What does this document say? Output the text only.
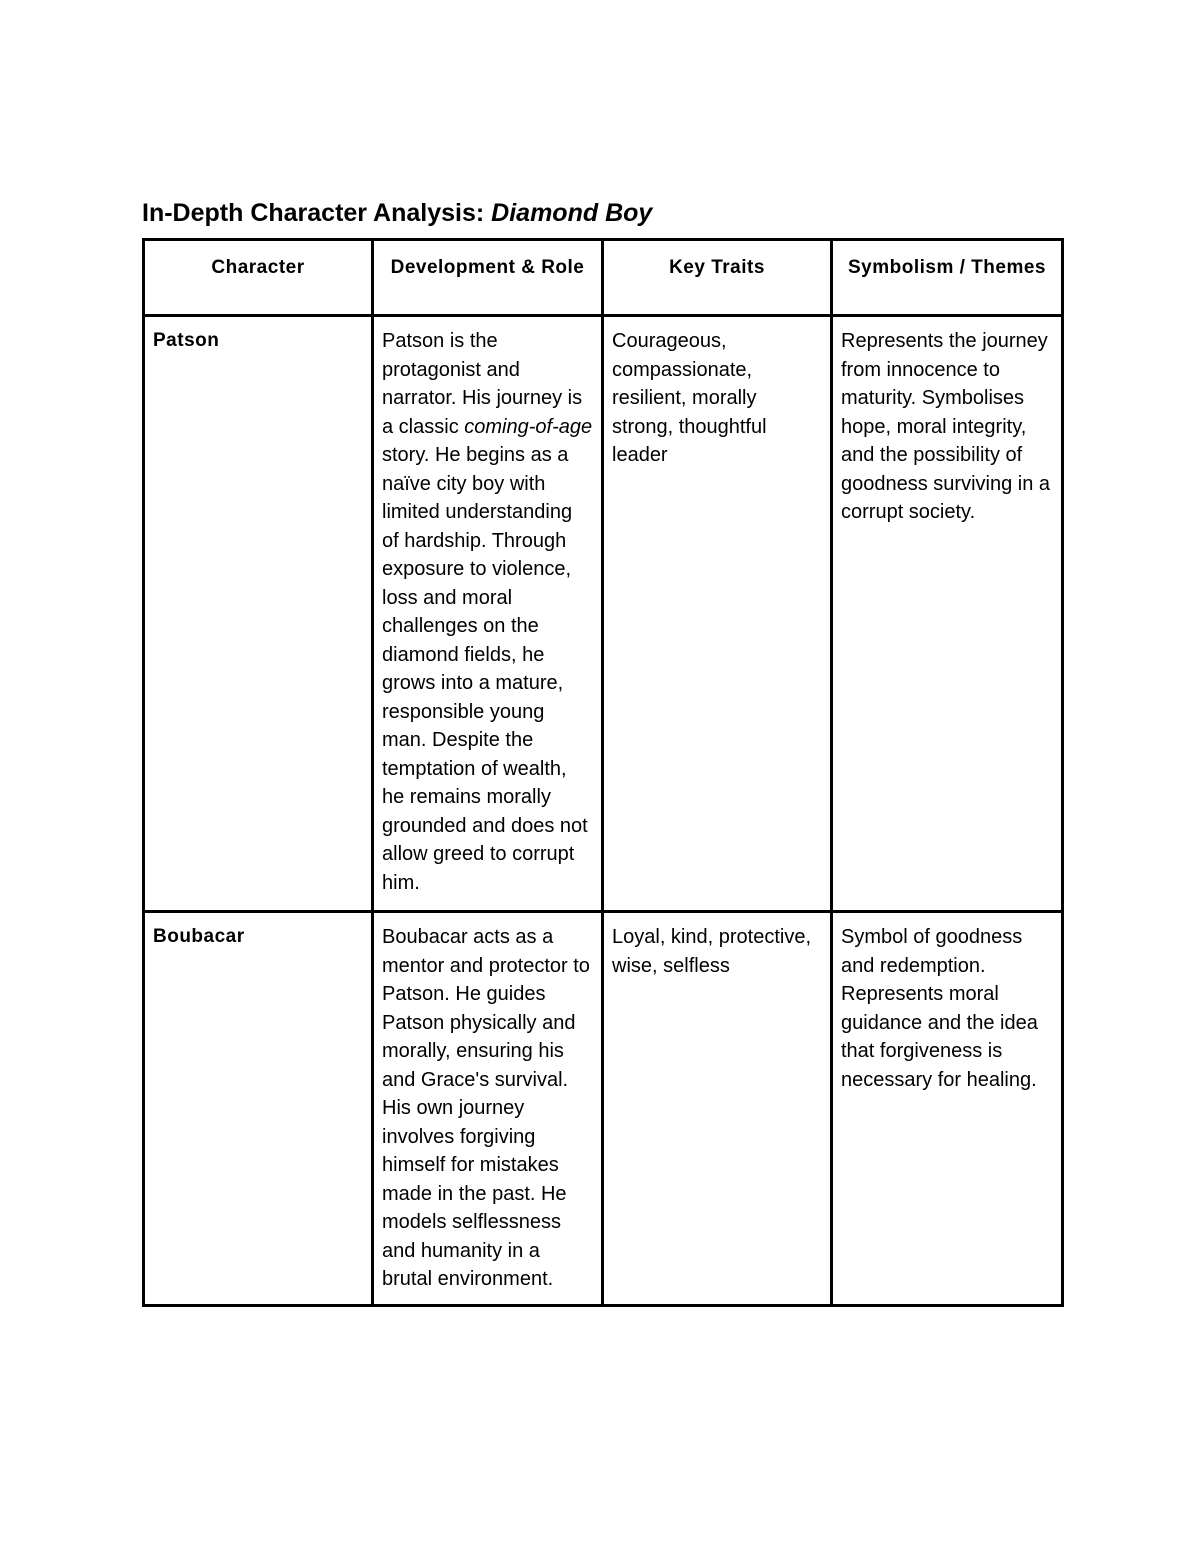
In-Depth Character Analysis: Diamond Boy
Character	Development & Role	Key Traits	Symbolism / Themes

Patson	Patson is the protagonist and narrator. His journey is a classic coming-of-age story. He begins as a naïve city boy with limited understanding of hardship. Through exposure to violence, loss and moral challenges on the diamond fields, he grows into a mature, responsible young man. Despite the temptation of wealth, he remains morally grounded and does not allow greed to corrupt him.	Courageous, compassionate, resilient, morally strong, thoughtful leader	Represents the journey from innocence to maturity. Symbolises hope, moral integrity, and the possibility of goodness surviving in a corrupt society.

Boubacar	Boubacar acts as a mentor and protector to Patson. He guides Patson physically and morally, ensuring his and Grace's survival. His own journey involves forgiving himself for mistakes made in the past. He models selflessness and humanity in a brutal environment.	Loyal, kind, protective, wise, selfless	Symbol of goodness and redemption. Represents moral guidance and the idea that forgiveness is necessary for healing.
